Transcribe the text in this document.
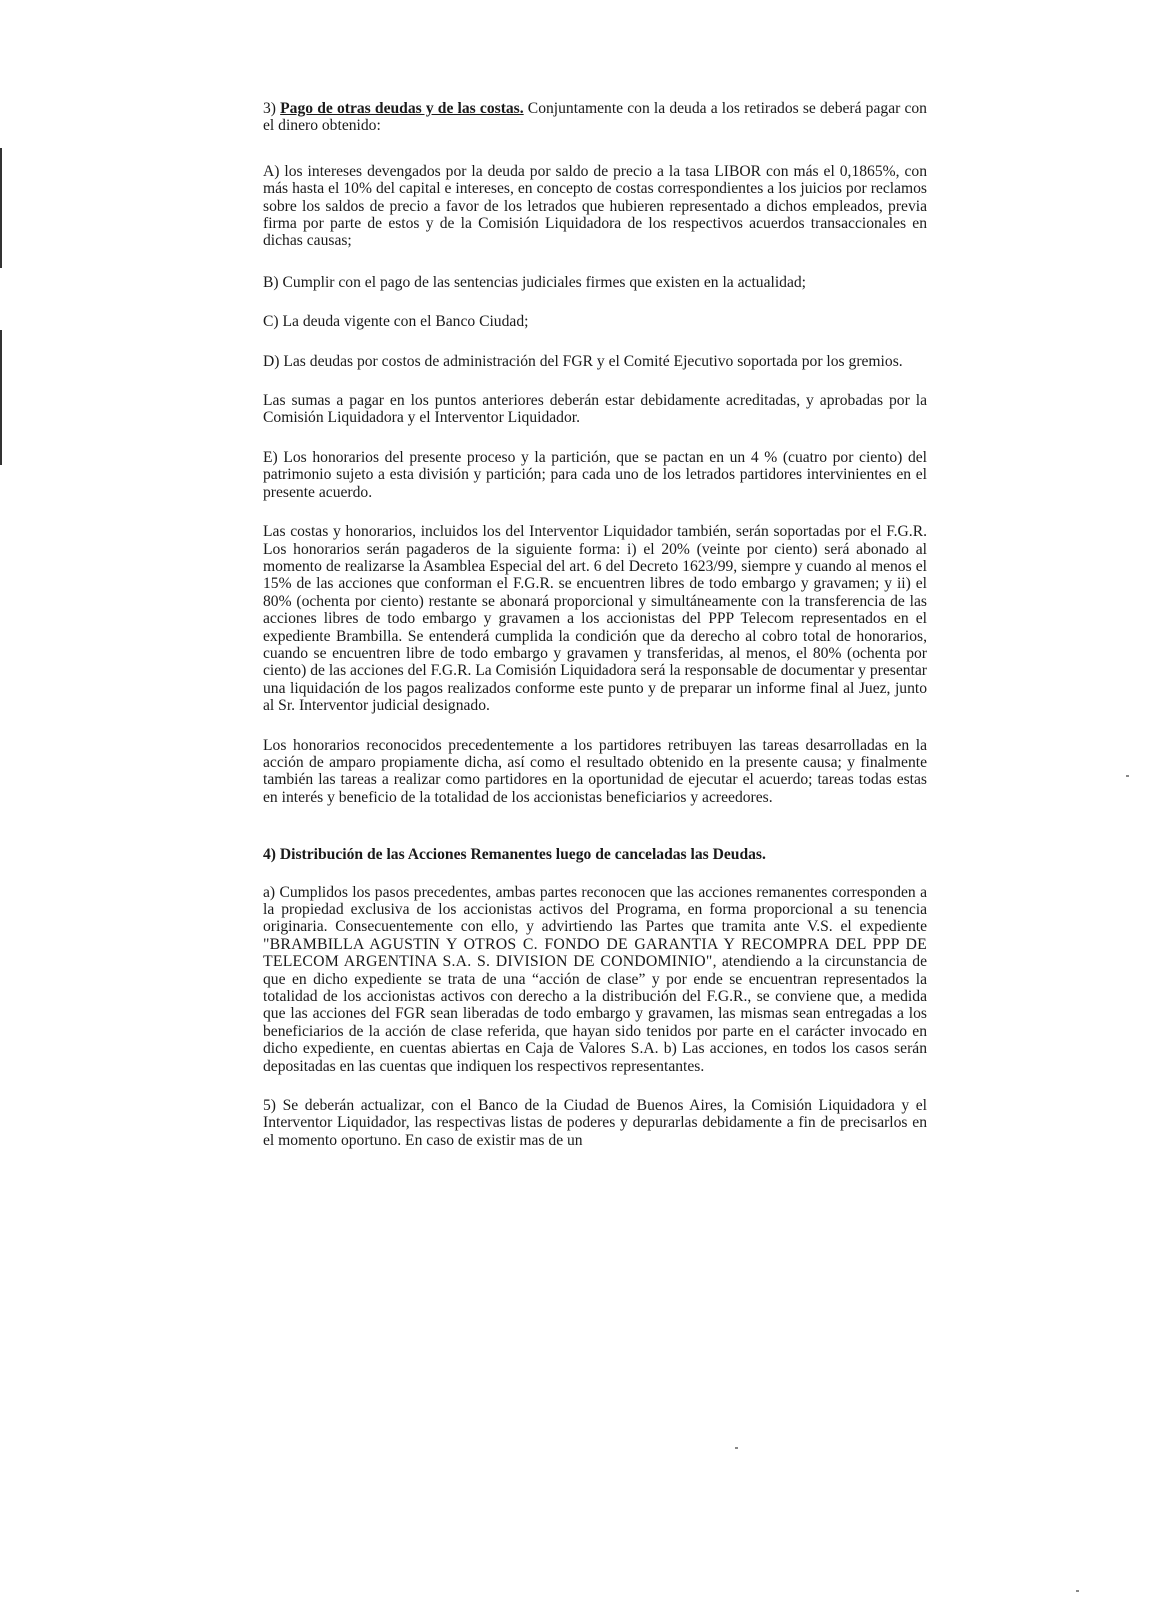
3) Pago de otras deudas y de las costas. Conjuntamente con la deuda a los retirados se deberá pagar con el dinero obtenido:

A) los intereses devengados por la deuda por saldo de precio a la tasa LIBOR con más el 0,1865%, con más hasta el 10% del capital e intereses, en concepto de costas correspondientes a los juicios por reclamos sobre los saldos de precio a favor de los letrados que hubieren representado a dichos empleados, previa firma por parte de estos y de la Comisión Liquidadora de los respectivos acuerdos transaccionales en dichas causas;

B) Cumplir con el pago de las sentencias judiciales firmes que existen en la actualidad;

C) La deuda vigente con el Banco Ciudad;

D) Las deudas por costos de administración del FGR y el Comité Ejecutivo soportada por los gremios.

Las sumas a pagar en los puntos anteriores deberán estar debidamente acreditadas, y aprobadas por la Comisión Liquidadora y el Interventor Liquidador.

E) Los honorarios del presente proceso y la partición, que se pactan en un 4 % (cuatro por ciento) del patrimonio sujeto a esta división y partición; para cada uno de los letrados partidores intervinientes en el presente acuerdo.

Las costas y honorarios, incluidos los del Interventor Liquidador también, serán soportadas por el F.G.R. Los honorarios serán pagaderos de la siguiente forma: i) el 20% (veinte por ciento) será abonado al momento de realizarse la Asamblea Especial del art. 6 del Decreto 1623/99, siempre y cuando al menos el 15% de las acciones que conforman el F.G.R. se encuentren libres de todo embargo y gravamen; y ii) el 80% (ochenta por ciento) restante se abonará proporcional y simultáneamente con la transferencia de las acciones libres de todo embargo y gravamen a los accionistas del PPP Telecom representados en el expediente Brambilla. Se entenderá cumplida la condición que da derecho al cobro total de honorarios, cuando se encuentren libre de todo embargo y gravamen y transferidas, al menos, el 80% (ochenta por ciento) de las acciones del F.G.R. La Comisión Liquidadora será la responsable de documentar y presentar una liquidación de los pagos realizados conforme este punto y de preparar un informe final al Juez, junto al Sr. Interventor judicial designado.

Los honorarios reconocidos precedentemente a los partidores retribuyen las tareas desarrolladas en la acción de amparo propiamente dicha, así como el resultado obtenido en la presente causa; y finalmente también las tareas a realizar como partidores en la oportunidad de ejecutar el acuerdo; tareas todas estas en interés y beneficio de la totalidad de los accionistas beneficiarios y acreedores.

4) Distribución de las Acciones Remanentes luego de canceladas las Deudas.

a) Cumplidos los pasos precedentes, ambas partes reconocen que las acciones remanentes corresponden a la propiedad exclusiva de los accionistas activos del Programa, en forma proporcional a su tenencia originaria. Consecuentemente con ello, y advirtiendo las Partes que tramita ante V.S. el expediente "BRAMBILLA AGUSTIN Y OTROS C. FONDO DE GARANTIA Y RECOMPRA DEL PPP DE TELECOM ARGENTINA S.A. S. DIVISION DE CONDOMINIO", atendiendo a la circunstancia de que en dicho expediente se trata de una “acción de clase” y por ende se encuentran representados la totalidad de los accionistas activos con derecho a la distribución del F.G.R., se conviene que, a medida que las acciones del FGR sean liberadas de todo embargo y gravamen, las mismas sean entregadas a los beneficiarios de la acción de clase referida, que hayan sido tenidos por parte en el carácter invocado en dicho expediente, en cuentas abiertas en Caja de Valores S.A. b) Las acciones, en todos los casos serán depositadas en las cuentas que indiquen los respectivos representantes.

5) Se deberán actualizar, con el Banco de la Ciudad de Buenos Aires, la Comisión Liquidadora y el Interventor Liquidador, las respectivas listas de poderes y depurarlas debidamente a fin de precisarlos en el momento oportuno. En caso de existir mas de un
